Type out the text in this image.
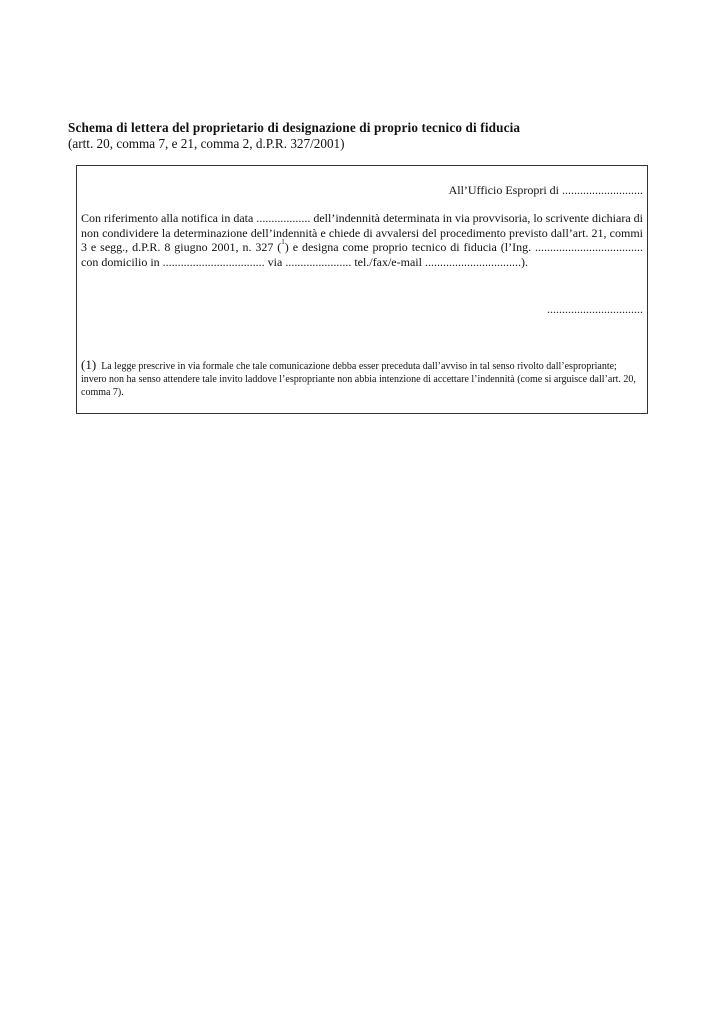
Schema di lettera del proprietario di designazione di proprio tecnico di fiducia
(artt. 20, comma 7, e 21, comma 2, d.P.R. 327/2001)
All’Ufficio Espropri di ...........................
Con riferimento alla notifica in data .................. dell’indennità determinata in via provvisoria, lo scrivente dichiara di non condividere la determinazione dell’indennità e chiede di avvalersi del procedimento previsto dall’art. 21, commi 3 e segg., d.P.R. 8 giugno 2001, n. 327 ($^1$) e designa come proprio tecnico di fiducia (l’Ing. .................................... con domicilio in .................................. via ...................... tel./fax/e-mail ................................).
................................
(1) La legge prescrive in via formale che tale comunicazione debba esser preceduta dall’avviso in tal senso rivolto dall’espropriante; invero non ha senso attendere tale invito laddove l’espropriante non abbia intenzione di accettare l’indennità (come si arguisce dall’art. 20, comma 7).
